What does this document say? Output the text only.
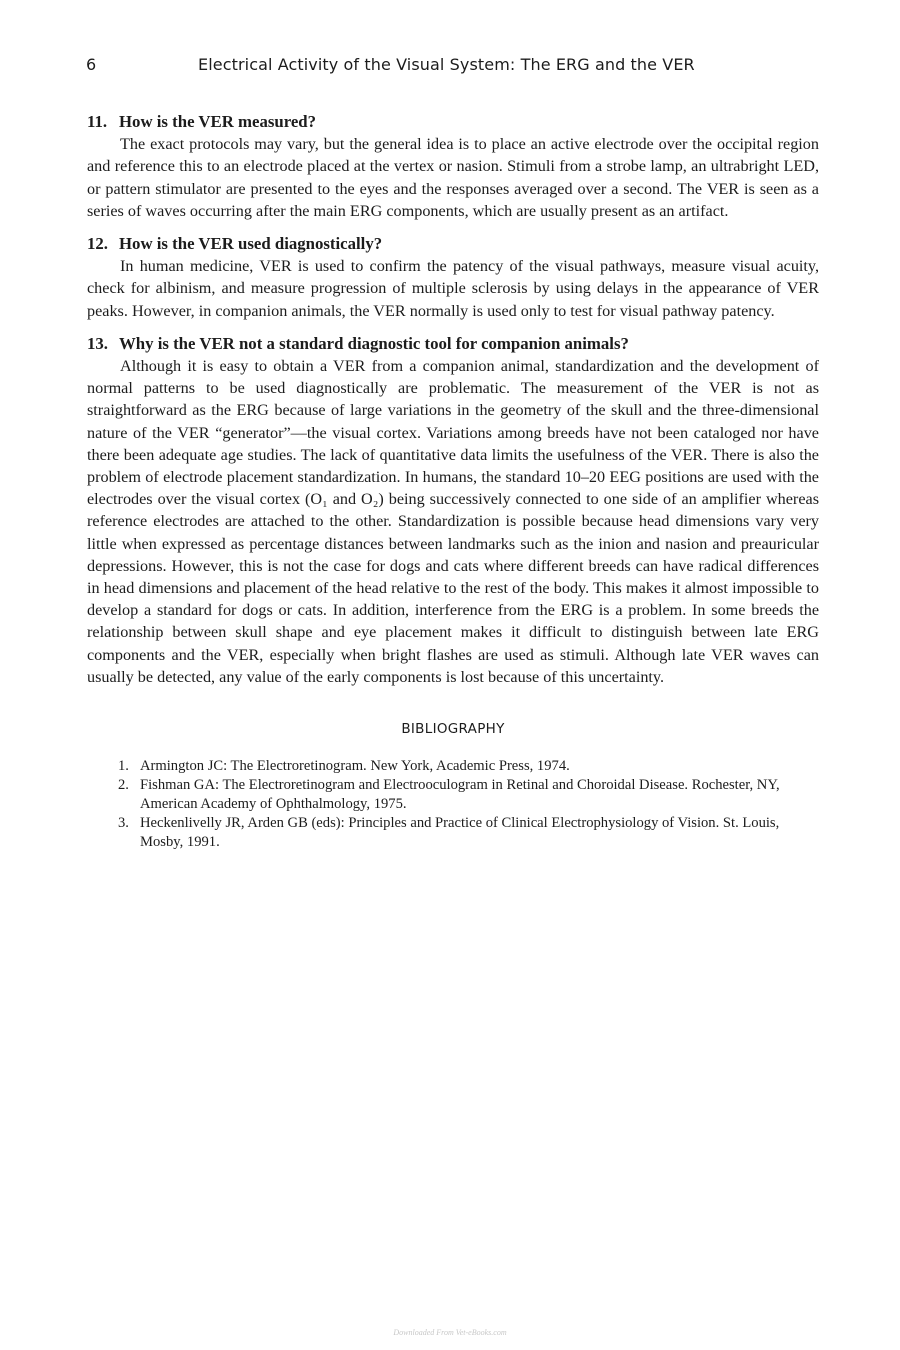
6	Electrical Activity of the Visual System: The ERG and the VER

11. How is the VER measured?

The exact protocols may vary, but the general idea is to place an active electrode over the occipital region and reference this to an electrode placed at the vertex or nasion. Stimuli from a strobe lamp, an ultrabright LED, or pattern stimulator are presented to the eyes and the responses averaged over a second. The VER is seen as a series of waves occurring after the main ERG components, which are usually present as an artifact.

12. How is the VER used diagnostically?

In human medicine, VER is used to confirm the patency of the visual pathways, measure visual acuity, check for albinism, and measure progression of multiple sclerosis by using delays in the appearance of VER peaks. However, in companion animals, the VER normally is used only to test for visual pathway patency.

13. Why is the VER not a standard diagnostic tool for companion animals?

Although it is easy to obtain a VER from a companion animal, standardization and the development of normal patterns to be used diagnostically are problematic. The measurement of the VER is not as straightforward as the ERG because of large variations in the geometry of the skull and the three-dimensional nature of the VER “generator”—the visual cortex. Variations among breeds have not been cataloged nor have there been adequate age studies. The lack of quantitative data limits the usefulness of the VER. There is also the problem of electrode placement standardization. In humans, the standard 10–20 EEG positions are used with the electrodes over the visual cortex (O₁ and O₂) being successively connected to one side of an amplifier whereas reference electrodes are attached to the other. Standardization is possible because head dimensions vary very little when expressed as percentage distances between landmarks such as the inion and nasion and preauricular depressions. However, this is not the case for dogs and cats where different breeds can have radical differences in head dimensions and placement of the head relative to the rest of the body. This makes it almost impossible to develop a standard for dogs or cats. In addition, interference from the ERG is a problem. In some breeds the relationship between skull shape and eye placement makes it difficult to distinguish between late ERG components and the VER, especially when bright flashes are used as stimuli. Although late VER waves can usually be detected, any value of the early components is lost because of this uncertainty.

BIBLIOGRAPHY
1. Armington JC: The Electroretinogram. New York, Academic Press, 1974.
2. Fishman GA: The Electroretinogram and Electrooculogram in Retinal and Choroidal Disease. Rochester, NY, American Academy of Ophthalmology, 1975.
3. Heckenlivelly JR, Arden GB (eds): Principles and Practice of Clinical Electrophysiology of Vision. St. Louis, Mosby, 1991.
Downloaded From Vet-eBooks.com
